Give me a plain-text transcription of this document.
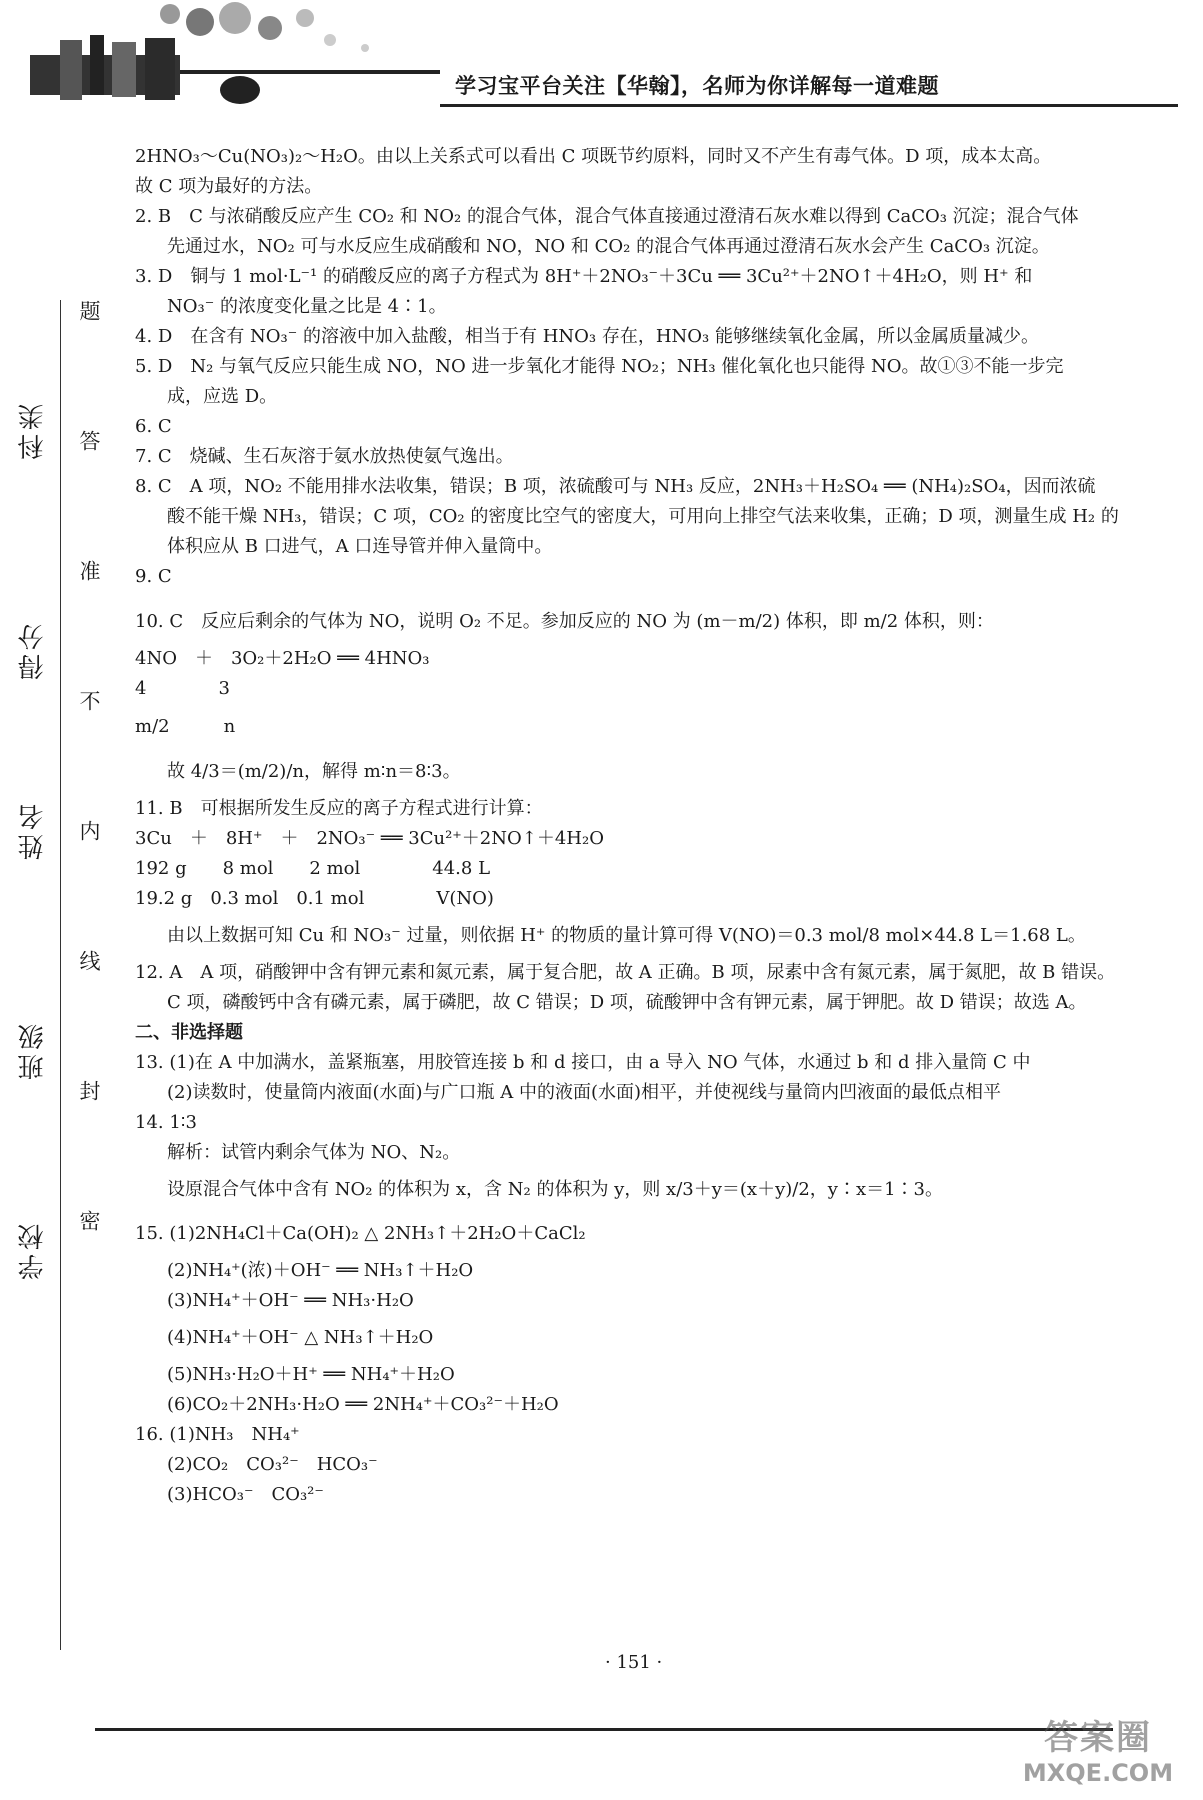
学习宝平台关注【华翰】，名师为你详解每一道难题
科类
得分
姓名
班级
学校
题
答
准
不
内
线
封
密
2HNO₃～Cu(NO₃)₂～H₂O。由以上关系式可以看出 C 项既节约原料，同时又不产生有毒气体。D 项，成本太高。
故 C 项为最好的方法。
2. B　C 与浓硝酸反应产生 CO₂ 和 NO₂ 的混合气体，混合气体直接通过澄清石灰水难以得到 CaCO₃ 沉淀；混合气体
先通过水，NO₂ 可与水反应生成硝酸和 NO，NO 和 CO₂ 的混合气体再通过澄清石灰水会产生 CaCO₃ 沉淀。
3. D　铜与 1 mol·L⁻¹ 的硝酸反应的离子方程式为 8H⁺＋2NO₃⁻＋3Cu ══ 3Cu²⁺＋2NO↑＋4H₂O，则 H⁺ 和
NO₃⁻ 的浓度变化量之比是 4∶1。
4. D　在含有 NO₃⁻ 的溶液中加入盐酸，相当于有 HNO₃ 存在，HNO₃ 能够继续氧化金属，所以金属质量减少。
5. D　N₂ 与氧气反应只能生成 NO，NO 进一步氧化才能得 NO₂；NH₃ 催化氧化也只能得 NO。故①③不能一步完
成，应选 D。
6. C
7. C　烧碱、生石灰溶于氨水放热使氨气逸出。
8. C　A 项，NO₂ 不能用排水法收集，错误；B 项，浓硫酸可与 NH₃ 反应，2NH₃＋H₂SO₄ ══ (NH₄)₂SO₄，因而浓硫
酸不能干燥 NH₃，错误；C 项，CO₂ 的密度比空气的密度大，可用向上排空气法来收集，正确；D 项，测量生成 H₂ 的
体积应从 B 口进气，A 口连导管并伸入量筒中。
9. C
10. C　反应后剩余的气体为 NO，说明 O₂ 不足。参加反应的 NO 为 (m－m/2) 体积，即 m/2 体积，则：
4NO　＋　3O₂＋2H₂O ══ 4HNO₃
4　　　　3
m/2　　　n
故 4/3＝(m/2)/n，解得 m∶n＝8∶3。
11. B　可根据所发生反应的离子方程式进行计算：
3Cu　＋　8H⁺　＋　2NO₃⁻ ══ 3Cu²⁺＋2NO↑＋4H₂O
192 g　　8 mol　　2 mol　　　　44.8 L
19.2 g　0.3 mol　0.1 mol　　　　V(NO)
由以上数据可知 Cu 和 NO₃⁻ 过量，则依据 H⁺ 的物质的量计算可得 V(NO)＝0.3 mol/8 mol×44.8 L＝1.68 L。
12. A　A 项，硝酸钾中含有钾元素和氮元素，属于复合肥，故 A 正确。B 项，尿素中含有氮元素，属于氮肥，故 B 错误。
C 项，磷酸钙中含有磷元素，属于磷肥，故 C 错误；D 项，硫酸钾中含有钾元素，属于钾肥。故 D 错误；故选 A。
二、非选择题
13. (1)在 A 中加满水，盖紧瓶塞，用胶管连接 b 和 d 接口，由 a 导入 NO 气体，水通过 b 和 d 排入量筒 C 中
(2)读数时，使量筒内液面(水面)与广口瓶 A 中的液面(水面)相平，并使视线与量筒内凹液面的最低点相平
14. 1∶3
解析：试管内剩余气体为 NO、N₂。
设原混合气体中含有 NO₂ 的体积为 x，含 N₂ 的体积为 y，则 x/3＋y＝(x＋y)/2，y∶x＝1∶3。
15. (1)2NH₄Cl＋Ca(OH)₂ △ 2NH₃↑＋2H₂O＋CaCl₂
(2)NH₄⁺(浓)＋OH⁻ ══ NH₃↑＋H₂O
(3)NH₄⁺＋OH⁻ ══ NH₃·H₂O
(4)NH₄⁺＋OH⁻ △ NH₃↑＋H₂O
(5)NH₃·H₂O＋H⁺ ══ NH₄⁺＋H₂O
(6)CO₂＋2NH₃·H₂O ══ 2NH₄⁺＋CO₃²⁻＋H₂O
16. (1)NH₃　NH₄⁺
(2)CO₂　CO₃²⁻　HCO₃⁻
(3)HCO₃⁻　CO₃²⁻
· 151 ·
答案圈
MXQE.COM
